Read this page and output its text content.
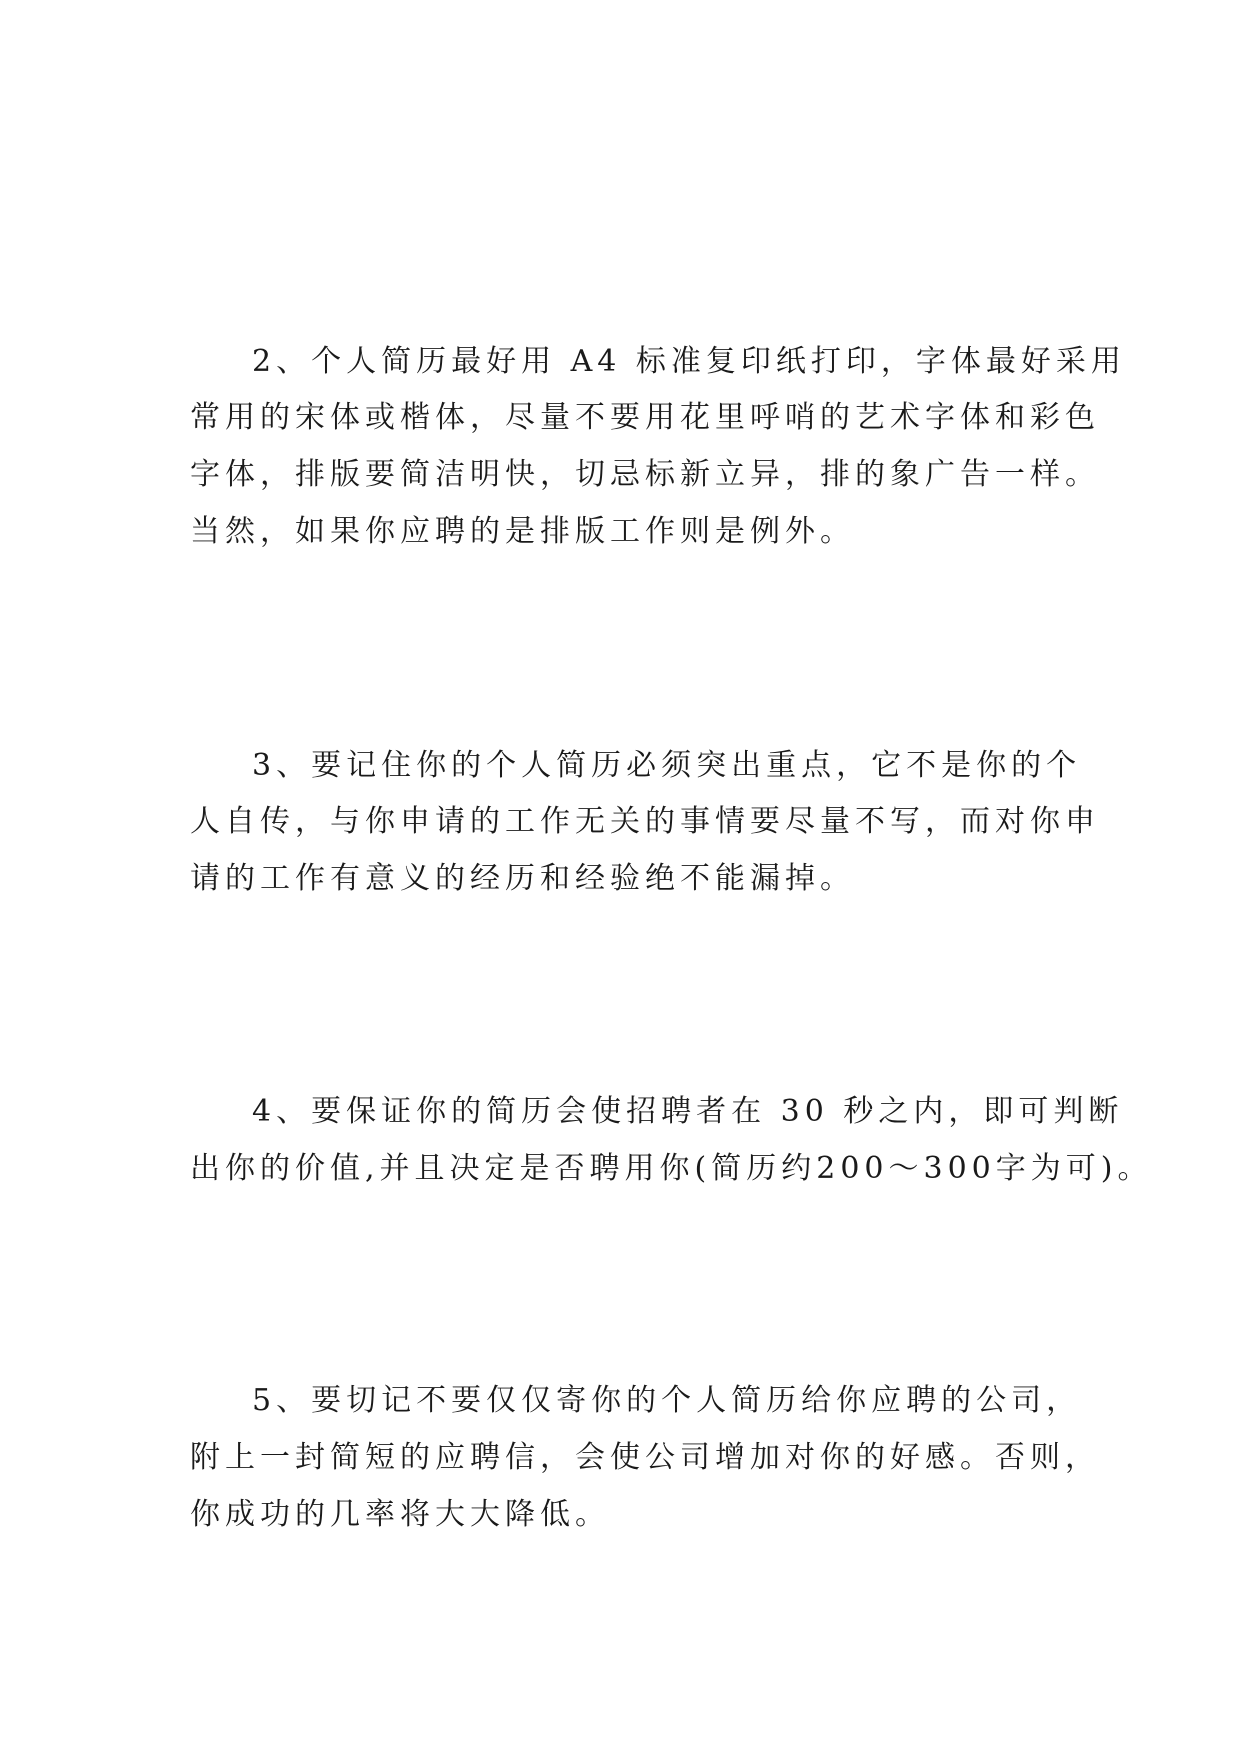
2、个人简历最好用 A4 标准复印纸打印，字体最好采用

常用的宋体或楷体，尽量不要用花里呼哨的艺术字体和彩色

字体，排版要简洁明快，切忌标新立异，排的象广告一样。

当然，如果你应聘的是排版工作则是例外。

3、要记住你的个人简历必须突出重点，它不是你的个

人自传，与你申请的工作无关的事情要尽量不写，而对你申

请的工作有意义的经历和经验绝不能漏掉。

4、要保证你的简历会使招聘者在 30 秒之内，即可判断

出你的价值,并且决定是否聘用你(简历约200～300字为可)。

5、要切记不要仅仅寄你的个人简历给你应聘的公司，

附上一封简短的应聘信，会使公司增加对你的好感。否则，

你成功的几率将大大降低。
